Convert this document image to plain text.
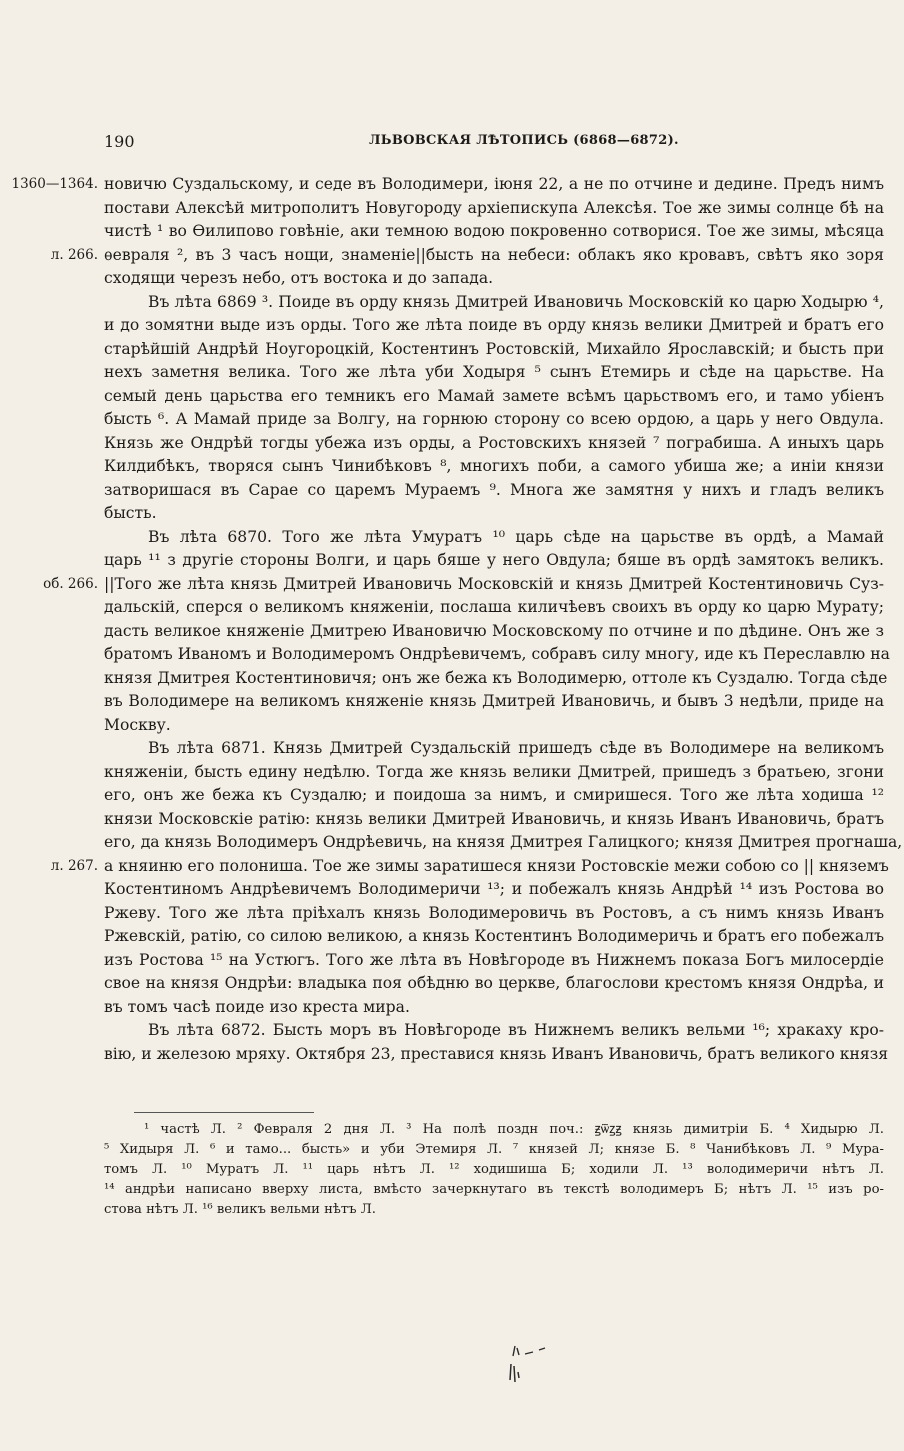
190	ЛЬВОВСКАЯ ЛѢТОПИСЬ (6868—6872).
новичю Суздальскому, и седе въ Володимери, іюня 22, а не по отчине и дедине. Предъ нимъ
1360—1364.
постави Алексѣй митрополитъ Новугороду архіепискупа Алексѣя. Тое же зимы солнце бѣ на
чистѣ ¹ во Ѳилипово говѣніе, аки темною водою покровенно сотворися. Тое же зимы, мѣсяца
ѳевраля ², въ 3 часъ нощи, знаменіе||бысть на небеси: облакъ яко кровавъ, свѣтъ яко зоря
л. 266.
сходящи черезъ небо, отъ востока и до запада.
Въ лѣта 6869 ³. Поиде въ орду князь Дмитрей Ивановичь Московскій ко царю Ходырю ⁴,
и до зомятни выде изъ орды. Того же лѣта поиде въ орду князь велики Дмитрей и братъ его
старѣйшій Андрѣй Ноугороцкій, Костентинъ Ростовскій, Михайло Ярославскій; и бысть при
нехъ заметня велика. Того же лѣта уби Ходыря ⁵ сынъ Етемирь и сѣде на царьстве. На
семый день царьства его темникъ его Мамай замете всѣмъ царьствомъ его, и тамо убіенъ
бысть ⁶. А Мамай приде за Волгу, на горнюю сторону со всею ордою, а царь у него Овдула.
Князь же Ондрѣй тогды убежа изъ орды, а Ростовскихъ князей ⁷ пограбиша. А иныхъ царь
Килдибѣкъ, творяся сынъ Чинибѣковъ ⁸, многихъ поби, а самого убиша же; а иніи князи
затворишася въ Сарае со царемъ Мураемъ ⁹. Многа же замятня у нихъ и гладъ великъ
бысть.
Въ лѣта 6870. Того же лѣта Умуратъ ¹⁰ царь сѣде на царьстве въ ордѣ, а Мамай
царь ¹¹ з другіе стороны Волги, и царь бяше у него Овдула; бяше въ ордѣ замятокъ великъ.
||Того же лѣта князь Дмитрей Ивановичь Московскій и князь Дмитрей Костентиновичь Суз-
об. 266.
дальскій, сперся о великомъ княженіи, послаша киличѣевъ своихъ въ орду ко царю Мурату;
дасть великое княженіе Дмитрею Ивановичю Московскому по отчине и по дѣдине. Онъ же з
братомъ Иваномъ и Володимеромъ Ондрѣевичемъ, собравъ силу многу, иде къ Переславлю на
князя Дмитрея Костентиновичя; онъ же бежа къ Володимерю, оттоле къ Суздалю. Тогда сѣде
въ Володимере на великомъ княженіе князь Дмитрей Ивановичь, и бывъ 3 недѣли, приде на
Москву.
Въ лѣта 6871. Князь Дмитрей Суздальскій пришедъ сѣде въ Володимере на великомъ
княженіи, бысть единy недѣлю. Тогда же князь велики Дмитрей, пришедъ з братьею, згони
его, онъ же бежа къ Суздалю; и поидоша за нимъ, и смиришеся. Того же лѣта ходиша ¹²
князи Московскіе ратію: князь велики Дмитрей Ивановичь, и князь Иванъ Ивановичь, братъ
его, да князь Володимеръ Ондрѣевичь, на князя Дмитрея Галицкого; князя Дмитрея прогнаша,
а княиню его полониша. Тое же зимы заратишеся князи Ростовскіе межи собою со || княземъ
л. 267.
Костентиномъ Андрѣевичемъ Володимеричи ¹³; и побежалъ князь Андрѣй ¹⁴ изъ Ростова во
Ржеву. Того же лѣта пріѣхалъ князь Володимеровичь въ Ростовъ, а съ нимъ князь Иванъ
Ржевскій, ратію, со силою великою, а князь Костентинъ Володимеричь и братъ его побежалъ
изъ Ростова ¹⁵ на Устюгъ. Того же лѣта въ Новѣгороде въ Нижнемъ показа Богъ милосердіе
свое на князя Ондрѣи: владыка поя обѣдню во церкве, благослови крестомъ князя Ондрѣа, и
въ томъ часѣ поиде изо креста мира.
Въ лѣта 6872. Бысть моръ въ Новѣгороде въ Нижнемъ великъ вельми ¹⁶; хракаху кро-
вію, и железою мряху. Октября 23, преставися князь Иванъ Ивановичь, братъ великого князя
¹ частѣ Л. ² Февраля 2 дня Л. ³ На полѣ поздн поч.: ꙃѿꙁꙃ князь димитріи Б. ⁴ Хидырю Л.
⁵ Хидыря Л. ⁶ и тамо... бысть» и уби Этемиря Л. ⁷ князей Л; князе Б. ⁸ Чанибѣковъ Л. ⁹ Мура-
томъ Л. ¹⁰ Муратъ Л. ¹¹ царь нѣтъ Л. ¹² ходишиша Б; ходили Л. ¹³ володимеричи нѣтъ Л.
¹⁴ андрѣи написано вверху листа, вмѣсто зачеркнутаго въ текстѣ володимеръ Б; нѣтъ Л. ¹⁵ изъ ро-
стова нѣтъ Л. ¹⁶ великъ вельми нѣтъ Л.
